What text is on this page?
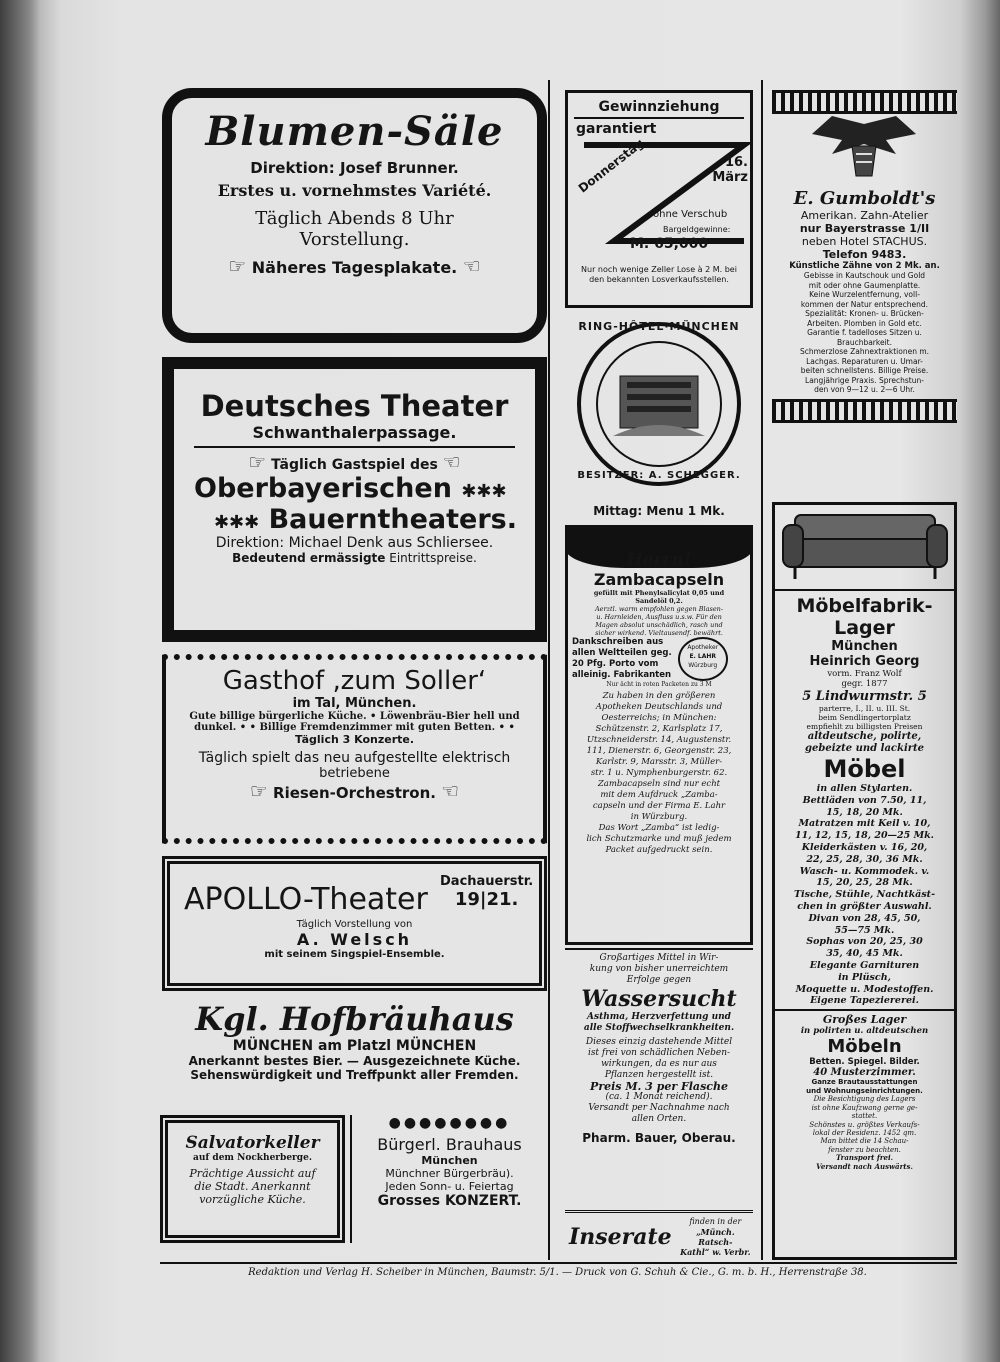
Blumen-Säle
Direktion: Josef Brunner.
Erstes u. vornehmstes Variété.
Täglich Abends 8 Uhr
Vorstellung.
☞ Näheres Tagesplakate. ☜
Deutsches Theater
Schwanthalerpassage.
☞ Täglich Gastspiel des ☜
Oberbayerischen ✱✱✱
✱✱✱ Bauerntheaters.
Direktion: Michael Denk aus Schliersee.
Bedeutend ermässigte Eintrittspreise.
Gasthof ‚zum Soller‘
im Tal, München.
Gute billige bürgerliche Küche. • Löwenbräu-Bier hell und
dunkel. • • Billige Fremdenzimmer mit guten Betten. • •
Täglich 3 Konzerte.
Täglich spielt das neu aufgestellte elektrisch
betriebene
☞ Riesen-Orchestron. ☜
APOLLO-Theater
Dachauerstr.
19|21.
Täglich Vorstellung von
A. Welsch
mit seinem Singspiel-Ensemble.
Kgl. Hofbräuhaus
MÜNCHEN am Platzl MÜNCHEN
Anerkannt bestes Bier. — Ausgezeichnete Küche.
Sehenswürdigkeit und Treffpunkt aller Fremden.
Salvatorkeller
auf dem Nockherberge.
Prächtige Aussicht auf
die Stadt. Anerkannt
vorzügliche Küche.
●●●●●●●●
Bürgerl. Brauhaus
München
Münchner Bürgerbräu).
Jeden Sonn- u. Feiertag
Grosses KONZERT.
Gewinnziehung
garantiert
Donnerstag	16.
März
ohne Verschub
Bargeldgewinne:
M. 65,000
Nur noch wenige Zeller Lose à 2 M. bei
den bekannten Losverkaufsstellen.
RING-HÔTEL·MÜNCHEN
BESITZER: A. SCHEGGER.
Mittag: Menu 1 Mk.
Herrn!
Zambacapseln
gefüllt mit Phenylsalicylat 0,05 und
Sandelöl 0,2.
Aerztl. warm empfohlen gegen Blasen-
u. Harnleiden, Ausfluss u.s.w. Für den
Magen absolut unschädlich, rasch und
sicher wirkend. Vieltausendf. bewährt.
Dankschreiben aus
allen Weltteilen geg.
20 Pfg. Porto vom
alleinig. Fabrikanten
Apotheker
E. LAHR
Würzburg
Nur ächt in roten Packeten zu 3 M
Zu haben in den größeren
Apotheken Deutschlands und
Oesterreichs; in München:
Schützenstr. 2, Karlsplatz 17,
Utzschneiderstr. 14, Augustenstr.
111, Dienerstr. 6, Georgenstr. 23,
Karlstr. 9, Marsstr. 3, Müller-
str. 1 u. Nymphenburgerstr. 62.
Zambacapseln sind nur echt
mit dem Aufdruck „Zamba-
capseln und der Firma E. Lahr
in Würzburg.
Das Wort „Zamba“ ist ledig-
lich Schutzmarke und muß jedem
Packet aufgedruckt sein.
Großartiges Mittel in Wir-
kung von bisher unerreichtem
Erfolge gegen
Wassersucht
Asthma, Herzverfettung und
alle Stoffwechselkrankheiten.
Dieses einzig dastehende Mittel
ist frei von schädlichen Neben-
wirkungen, da es nur aus
Pflanzen hergestellt ist.
Preis M. 3 per Flasche
(ca. 1 Monat reichend).
Versandt per Nachnahme nach
allen Orten.
Pharm. Bauer, Oberau.
Inserate
finden in der
„Münch. Ratsch-
Kathl“ w. Verbr.
E. Gumboldt's
Amerikan. Zahn-Atelier
nur Bayerstrasse 1/II
neben Hotel STACHUS.
Telefon 9483.
Künstliche Zähne von 2 Mk. an.
Gebisse in Kautschouk und Gold
mit oder ohne Gaumenplatte.
Keine Wurzelentfernung, voll-
kommen der Natur entsprechend.
Spezialität: Kronen- u. Brücken-
Arbeiten. Plomben in Gold etc.
Garantie f. tadelloses Sitzen u.
Brauchbarkeit.
Schmerzlose Zahnextraktionen m.
Lachgas. Reparaturen u. Umar-
beiten schnellstens. Billige Preise.
Langjährige Praxis. Sprechstun-
den von 9—12 u. 2—6 Uhr.
Möbelfabrik-
Lager
München
Heinrich Georg
vorm. Franz Wolf
gegr. 1877
5 Lindwurmstr. 5
parterre, I., II. u. III. St.
beim Sendlingertorplatz
empfiehlt zu billigsten Preisen
altdeutsche, polirte,
gebeizte und lackirte
Möbel
in allen Stylarten.
Bettläden von 7.50, 11,
15, 18, 20 Mk.
Matratzen mit Keil v. 10,
11, 12, 15, 18, 20—25 Mk.
Kleiderkästen v. 16, 20,
22, 25, 28, 30, 36 Mk.
Wasch- u. Kommodek. v.
15, 20, 25, 28 Mk.
Tische, Stühle, Nachtkäst-
chen in größter Auswahl.
Divan von 28, 45, 50,
55—75 Mk.
Sophas von 20, 25, 30
35, 40, 45 Mk.
Elegante Garnituren
in Plüsch,
Moquette u. Modestoffen.
Eigene Tapeziererei.
Großes Lager
in polirten u. altdeutschen
Möbeln
Betten. Spiegel. Bilder.
40 Musterzimmer.
Ganze Brautausstattungen
und Wohnungseinrichtungen.
Die Besichtigung des Lagers
ist ohne Kaufzwang gerne ge-
stattet.
Schönstes u. größtes Verkaufs-
lokal der Residenz. 1452 qm.
Man bittet die 14 Schau-
fenster zu beachten.
Transport frei.
Versandt nach Auswärts.
Redaktion und Verlag H. Scheiber in München, Baumstr. 5/1. — Druck von G. Schuh & Cie., G. m. b. H., Herrenstraße 38.
